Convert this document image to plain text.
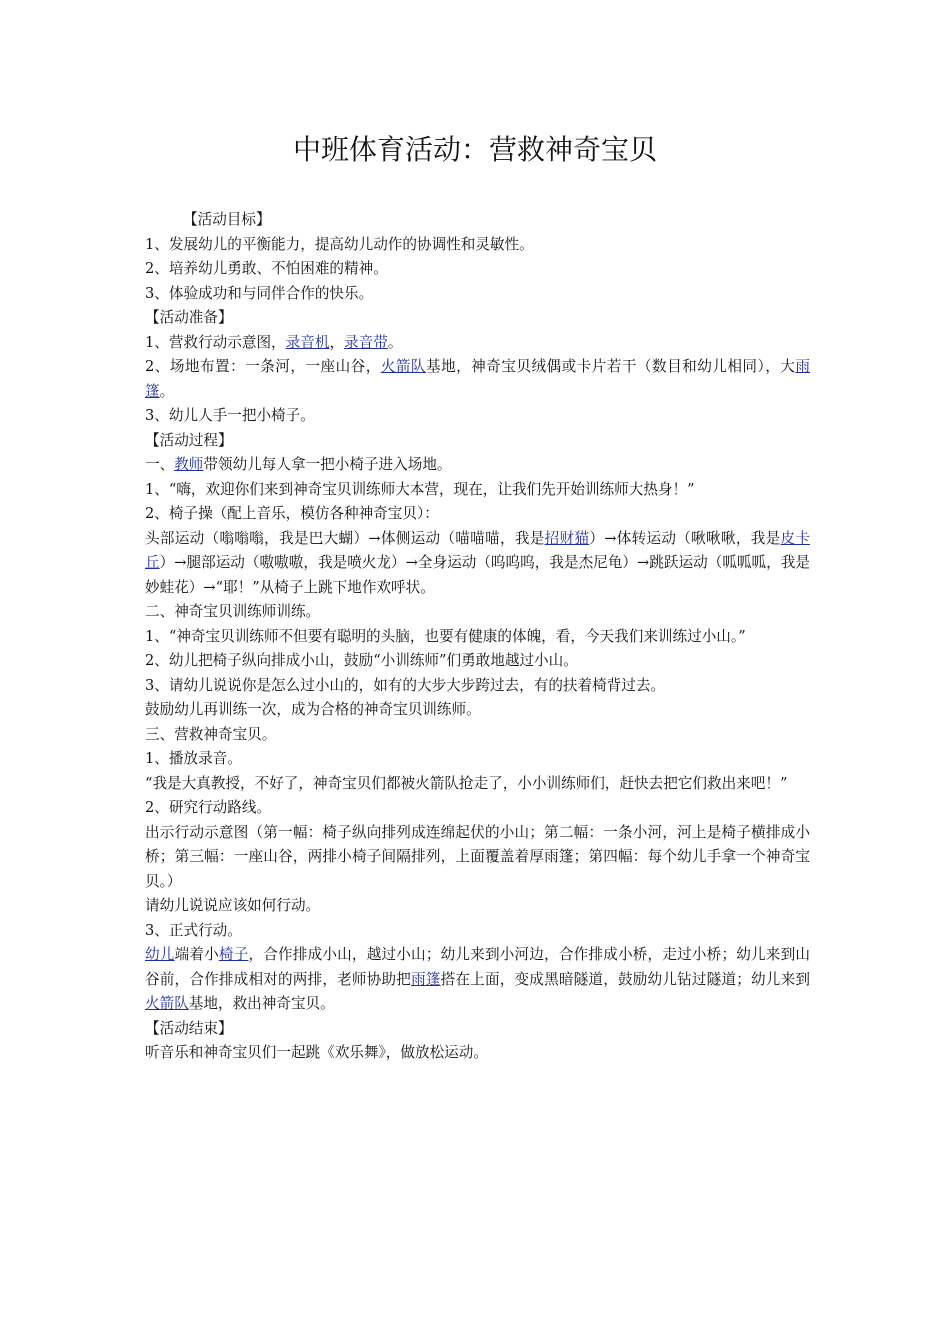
中班体育活动：营救神奇宝贝

【活动目标】

1、发展幼儿的平衡能力，提高幼儿动作的协调性和灵敏性。

2、培养幼儿勇敢、不怕困难的精神。

3、体验成功和与同伴合作的快乐。

【活动准备】

1、营救行动示意图，录音机，录音带。

2、场地布置：一条河，一座山谷，火箭队基地，神奇宝贝绒偶或卡片若干（数目和幼儿相同），大雨篷。

3、幼儿人手一把小椅子。

【活动过程】

一、教师带领幼儿每人拿一把小椅子进入场地。

1、“嗨，欢迎你们来到神奇宝贝训练师大本营，现在，让我们先开始训练师大热身！”

2、椅子操（配上音乐，模仿各种神奇宝贝）：

头部运动（嗡嗡嗡，我是巴大蝴）→体侧运动（喵喵喵，我是招财猫）→体转运动（啾啾啾，我是皮卡丘）→腿部运动（嗷嗷嗷，我是喷火龙）→全身运动（呜呜呜，我是杰尼龟）→跳跃运动（呱呱呱，我是妙蛙花）→“耶！”从椅子上跳下地作欢呼状。

二、神奇宝贝训练师训练。

1、“神奇宝贝训练师不但要有聪明的头脑，也要有健康的体魄，看，今天我们来训练过小山。”

2、幼儿把椅子纵向排成小山，鼓励“小训练师”们勇敢地越过小山。

3、请幼儿说说你是怎么过小山的，如有的大步大步跨过去，有的扶着椅背过去。

鼓励幼儿再训练一次，成为合格的神奇宝贝训练师。

三、营救神奇宝贝。

1、播放录音。

“我是大真教授，不好了，神奇宝贝们都被火箭队抢走了，小小训练师们，赶快去把它们救出来吧！”

2、研究行动路线。

出示行动示意图（第一幅：椅子纵向排列成连绵起伏的小山；第二幅：一条小河，河上是椅子横排成小桥；第三幅：一座山谷，两排小椅子间隔排列，上面覆盖着厚雨篷；第四幅：每个幼儿手拿一个神奇宝贝。）

请幼儿说说应该如何行动。

3、正式行动。

幼儿端着小椅子，合作排成小山，越过小山；幼儿来到小河边，合作排成小桥，走过小桥；幼儿来到山谷前，合作排成相对的两排，老师协助把雨篷搭在上面，变成黑暗隧道，鼓励幼儿钻过隧道；幼儿来到火箭队基地，救出神奇宝贝。

【活动结束】

听音乐和神奇宝贝们一起跳《欢乐舞》，做放松运动。
